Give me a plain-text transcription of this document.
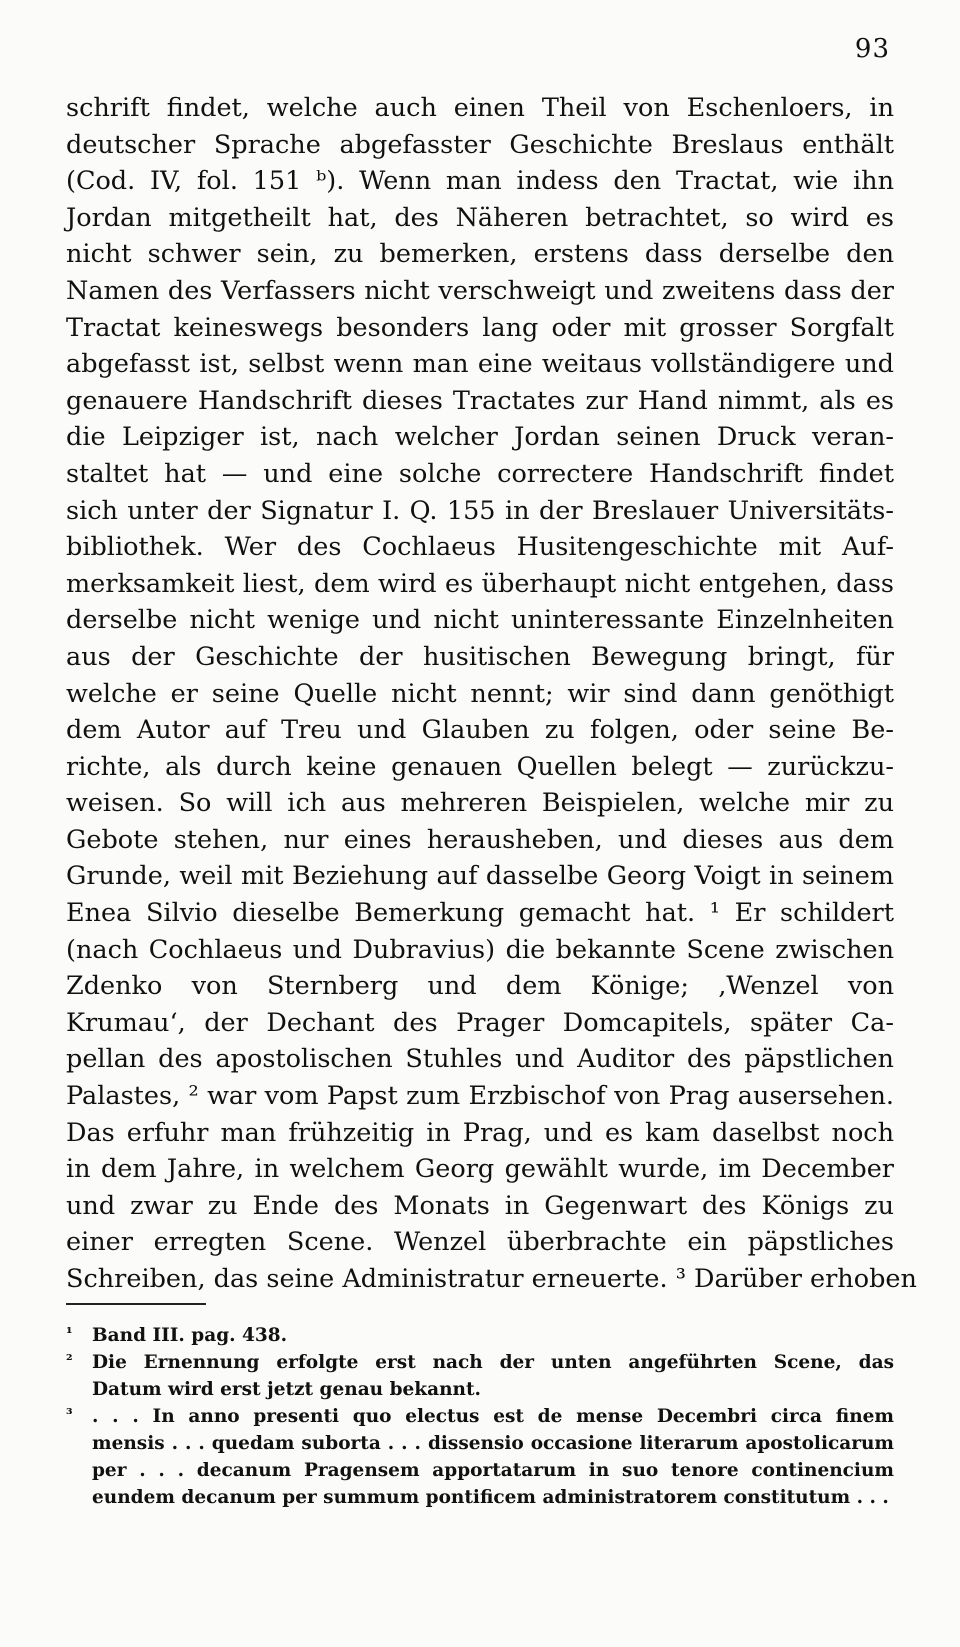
93
schrift findet, welche auch einen Theil von Eschenloers, in
deutscher Sprache abgefasster Geschichte Breslaus enthält
(Cod. IV, fol. 151 ᵇ). Wenn man indess den Tractat, wie ihn
Jordan mitgetheilt hat, des Näheren betrachtet, so wird es
nicht schwer sein, zu bemerken, erstens dass derselbe den
Namen des Verfassers nicht verschweigt und zweitens dass der
Tractat keineswegs besonders lang oder mit grosser Sorgfalt
abgefasst ist, selbst wenn man eine weitaus vollständigere und
genauere Handschrift dieses Tractates zur Hand nimmt, als es
die Leipziger ist, nach welcher Jordan seinen Druck veran-
staltet hat — und eine solche correctere Handschrift findet
sich unter der Signatur I. Q. 155 in der Breslauer Universitäts-
bibliothek. Wer des Cochlaeus Husitengeschichte mit Auf-
merksamkeit liest, dem wird es überhaupt nicht entgehen, dass
derselbe nicht wenige und nicht uninteressante Einzelnheiten
aus der Geschichte der husitischen Bewegung bringt, für
welche er seine Quelle nicht nennt; wir sind dann genöthigt
dem Autor auf Treu und Glauben zu folgen, oder seine Be-
richte, als durch keine genauen Quellen belegt — zurückzu-
weisen. So will ich aus mehreren Beispielen, welche mir zu
Gebote stehen, nur eines herausheben, und dieses aus dem
Grunde, weil mit Beziehung auf dasselbe Georg Voigt in seinem
Enea Silvio dieselbe Bemerkung gemacht hat. ¹ Er schildert
(nach Cochlaeus und Dubravius) die bekannte Scene zwischen
Zdenko von Sternberg und dem Könige; ‚Wenzel von
Krumau‘, der Dechant des Prager Domcapitels, später Ca-
pellan des apostolischen Stuhles und Auditor des päpstlichen
Palastes, ² war vom Papst zum Erzbischof von Prag ausersehen.
Das erfuhr man frühzeitig in Prag, und es kam daselbst noch
in dem Jahre, in welchem Georg gewählt wurde, im December
und zwar zu Ende des Monats in Gegenwart des Königs zu
einer erregten Scene. Wenzel überbrachte ein päpstliches
Schreiben, das seine Administratur erneuerte. ³ Darüber erhoben
¹	Band III. pag. 438.
²	Die Ernennung erfolgte erst nach der unten angeführten Scene, das
Datum wird erst jetzt genau bekannt.
³	. . . In anno presenti quo electus est de mense Decembri circa finem
mensis . . . quedam suborta . . . dissensio occasione literarum apostolicarum
per . . . decanum Pragensem apportatarum in suo tenore continencium
eundem decanum per summum pontificem administratorem constitutum . . .
